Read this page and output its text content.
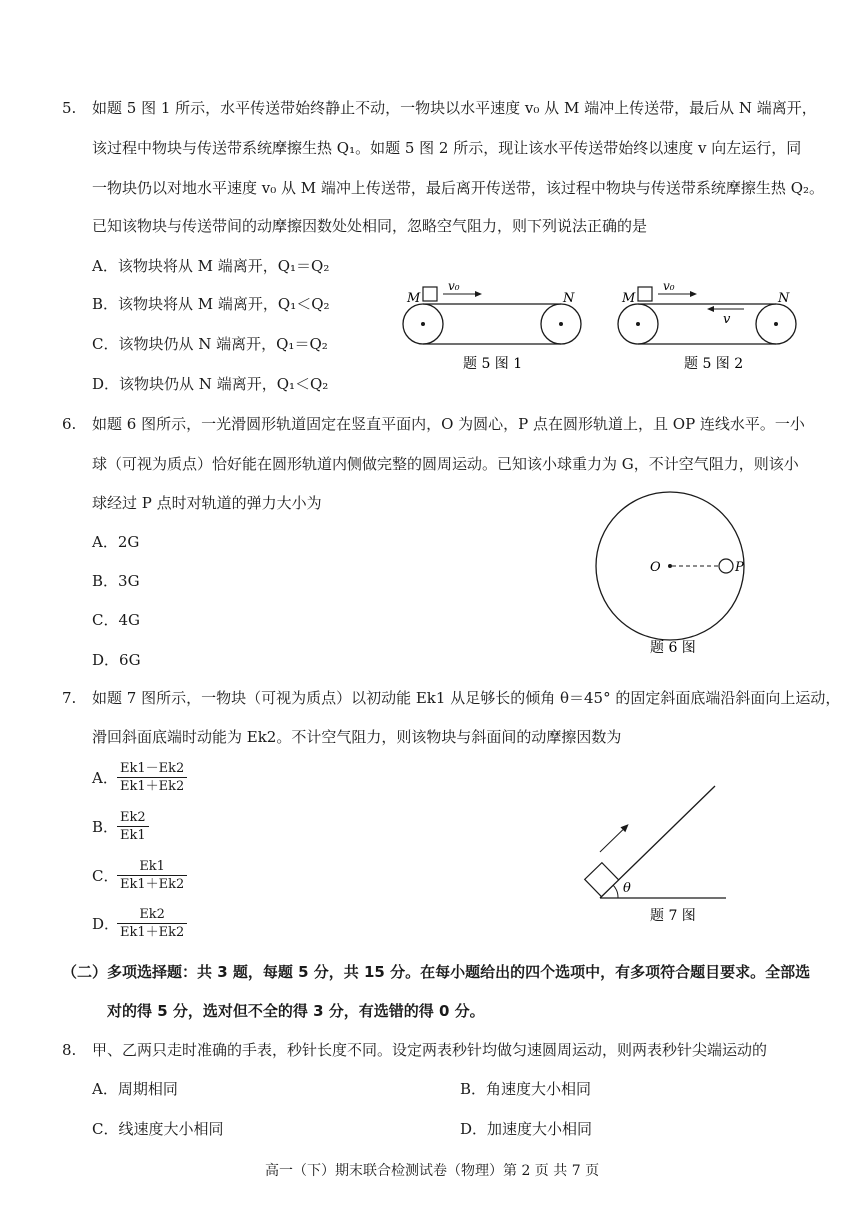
5. 如题 5 图 1 所示，水平传送带始终静止不动，一物块以水平速度 v₀ 从 M 端冲上传送带，最后从 N 端离开，
该过程中物块与传送带系统摩擦生热 Q₁。如题 5 图 2 所示，现让该水平传送带始终以速度 v 向左运行，同
一物块仍以对地水平速度 v₀ 从 M 端冲上传送带，最后离开传送带，该过程中物块与传送带系统摩擦生热 Q₂。
已知该物块与传送带间的动摩擦因数处处相同，忽略空气阻力，则下列说法正确的是
A．该物块将从 M 端离开，Q₁＝Q₂
B．该物块将从 M 端离开，Q₁＜Q₂
C．该物块仍从 N 端离开，Q₁＝Q₂
D．该物块仍从 N 端离开，Q₁＜Q₂
M	N
v₀
题 5 图 1
M	N
v₀
v
题 5 图 2
6. 如题 6 图所示，一光滑圆形轨道固定在竖直平面内，O 为圆心，P 点在圆形轨道上，且 OP 连线水平。一小
球（可视为质点）恰好能在圆形轨道内侧做完整的圆周运动。已知该小球重力为 G，不计空气阻力，则该小
球经过 P 点时对轨道的弹力大小为
A．2G
B．3G
C．4G
D．6G
O	P
题 6 图
7. 如题 7 图所示，一物块（可视为质点）以初动能 Ek1 从足够长的倾角 θ＝45° 的固定斜面底端沿斜面向上运动，
滑回斜面底端时动能为 Ek2。不计空气阻力，则该物块与斜面间的动摩擦因数为
A． $\frac{Ek1-Ek2}{Ek1+Ek2}$
B．
$\frac{Ek2}{Ek1}$
C．
$\frac{Ek1}{Ek1+Ek2}$
D．
$\frac{Ek2}{Ek1+Ek2}$
θ
题 7 图
（二）多项选择题：共 3 题，每题 5 分，共 15 分。在每小题给出的四个选项中，有多项符合题目要求。全部选
对的得 5 分，选对但不全的得 3 分，有选错的得 0 分。
8. 甲、乙两只走时准确的手表，秒针长度不同。设定两表秒针均做匀速圆周运动，则两表秒针尖端运动的
A．周期相同	B．角速度大小相同
C．线速度大小相同	D．加速度大小相同
高一（下）期末联合检测试卷（物理）第 2 页 共 7 页
